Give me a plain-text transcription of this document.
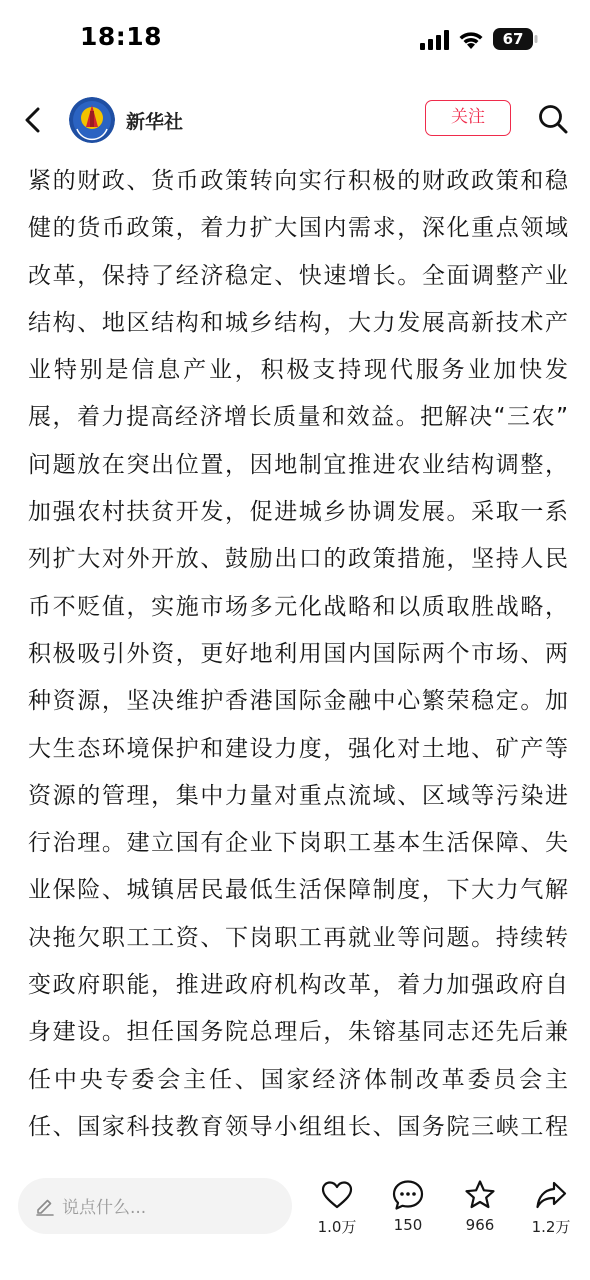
18:18	67
新华社	关注
紧的财政、货币政策转向实行积极的财政政策和稳
健的货币政策，着力扩大国内需求，深化重点领域
改革，保持了经济稳定、快速增长。全面调整产业
结构、地区结构和城乡结构，大力发展高新技术产
业特别是信息产业，积极支持现代服务业加快发
展，着力提高经济增长质量和效益。把解决“三农”
问题放在突出位置，因地制宜推进农业结构调整，
加强农村扶贫开发，促进城乡协调发展。采取一系
列扩大对外开放、鼓励出口的政策措施，坚持人民
币不贬值，实施市场多元化战略和以质取胜战略，
积极吸引外资，更好地利用国内国际两个市场、两
种资源，坚决维护香港国际金融中心繁荣稳定。加
大生态环境保护和建设力度，强化对土地、矿产等
资源的管理，集中力量对重点流域、区域等污染进
行治理。建立国有企业下岗职工基本生活保障、失
业保险、城镇居民最低生活保障制度，下大力气解
决拖欠职工工资、下岗职工再就业等问题。持续转
变政府职能，推进政府机构改革，着力加强政府自
身建设。担任国务院总理后，朱镕基同志还先后兼
任中央专委会主任、国家经济体制改革委员会主
任、国家科技教育领导小组组长、国务院三峡工程
说点什么...
1.0万	150	966	1.2万
